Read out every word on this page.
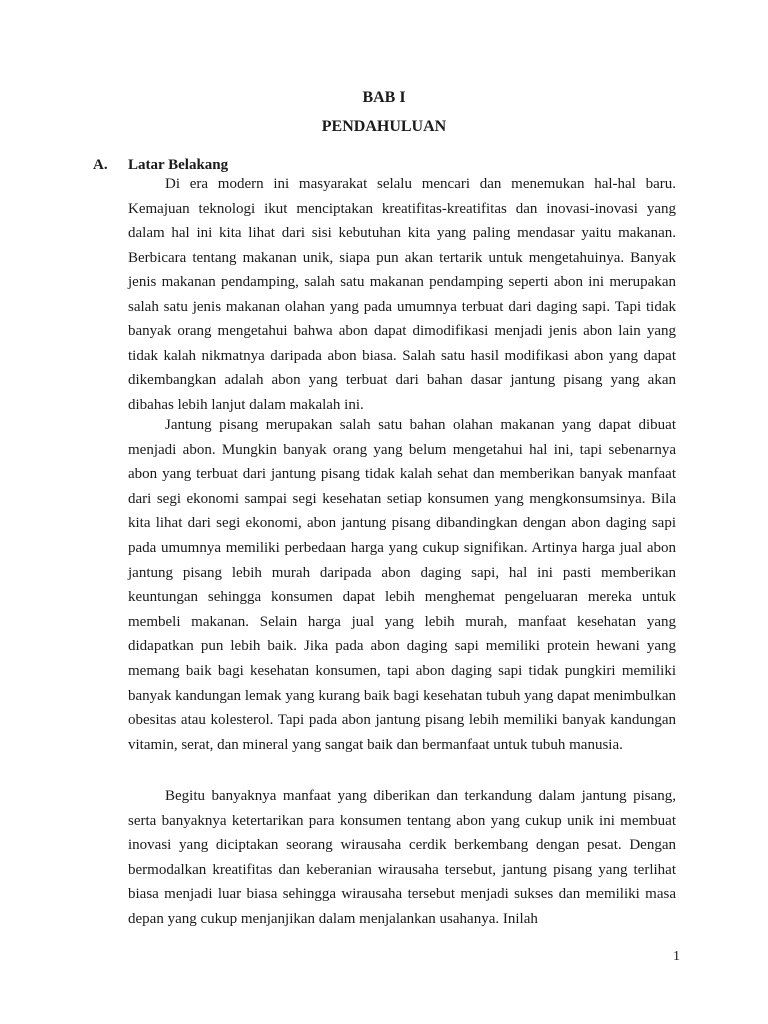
BAB I
PENDAHULUAN
A. Latar Belakang

Di era modern ini masyarakat selalu mencari dan menemukan hal-hal baru. Kemajuan teknologi ikut menciptakan kreatifitas-kreatifitas dan inovasi-inovasi yang dalam hal ini kita lihat dari sisi kebutuhan kita yang paling mendasar yaitu makanan. Berbicara tentang makanan unik, siapa pun akan tertarik untuk mengetahuinya. Banyak jenis makanan pendamping, salah satu makanan pendamping seperti abon ini merupakan salah satu jenis makanan olahan yang pada umumnya terbuat dari daging sapi. Tapi tidak banyak orang mengetahui bahwa abon dapat dimodifikasi menjadi jenis abon lain yang tidak kalah nikmatnya daripada abon biasa. Salah satu hasil modifikasi abon yang dapat dikembangkan adalah abon yang terbuat dari bahan dasar jantung pisang yang akan dibahas lebih lanjut dalam makalah ini.

Jantung pisang merupakan salah satu bahan olahan makanan yang dapat dibuat menjadi abon. Mungkin banyak orang yang belum mengetahui hal ini, tapi sebenarnya abon yang terbuat dari jantung pisang tidak kalah sehat dan memberikan banyak manfaat dari segi ekonomi sampai segi kesehatan setiap konsumen yang mengkonsumsinya. Bila kita lihat dari segi ekonomi, abon jantung pisang dibandingkan dengan abon daging sapi pada umumnya memiliki perbedaan harga yang cukup signifikan. Artinya harga jual abon jantung pisang lebih murah daripada abon daging sapi, hal ini pasti memberikan keuntungan sehingga konsumen dapat lebih menghemat pengeluaran mereka untuk membeli makanan. Selain harga jual yang lebih murah, manfaat kesehatan yang didapatkan pun lebih baik. Jika pada abon daging sapi memiliki protein hewani yang memang baik bagi kesehatan konsumen, tapi abon daging sapi tidak pungkiri memiliki banyak kandungan lemak yang kurang baik bagi kesehatan tubuh yang dapat menimbulkan obesitas atau kolesterol. Tapi pada abon jantung pisang lebih memiliki banyak kandungan vitamin, serat, dan mineral yang sangat baik dan bermanfaat untuk tubuh manusia.

Begitu banyaknya manfaat yang diberikan dan terkandung dalam jantung pisang, serta banyaknya ketertarikan para konsumen tentang abon yang cukup unik ini membuat inovasi yang diciptakan seorang wirausaha cerdik berkembang dengan pesat. Dengan bermodalkan kreatifitas dan keberanian wirausaha tersebut, jantung pisang yang terlihat biasa menjadi luar biasa sehingga wirausaha tersebut menjadi sukses dan memiliki masa depan yang cukup menjanjikan dalam menjalankan usahanya. Inilah

1
